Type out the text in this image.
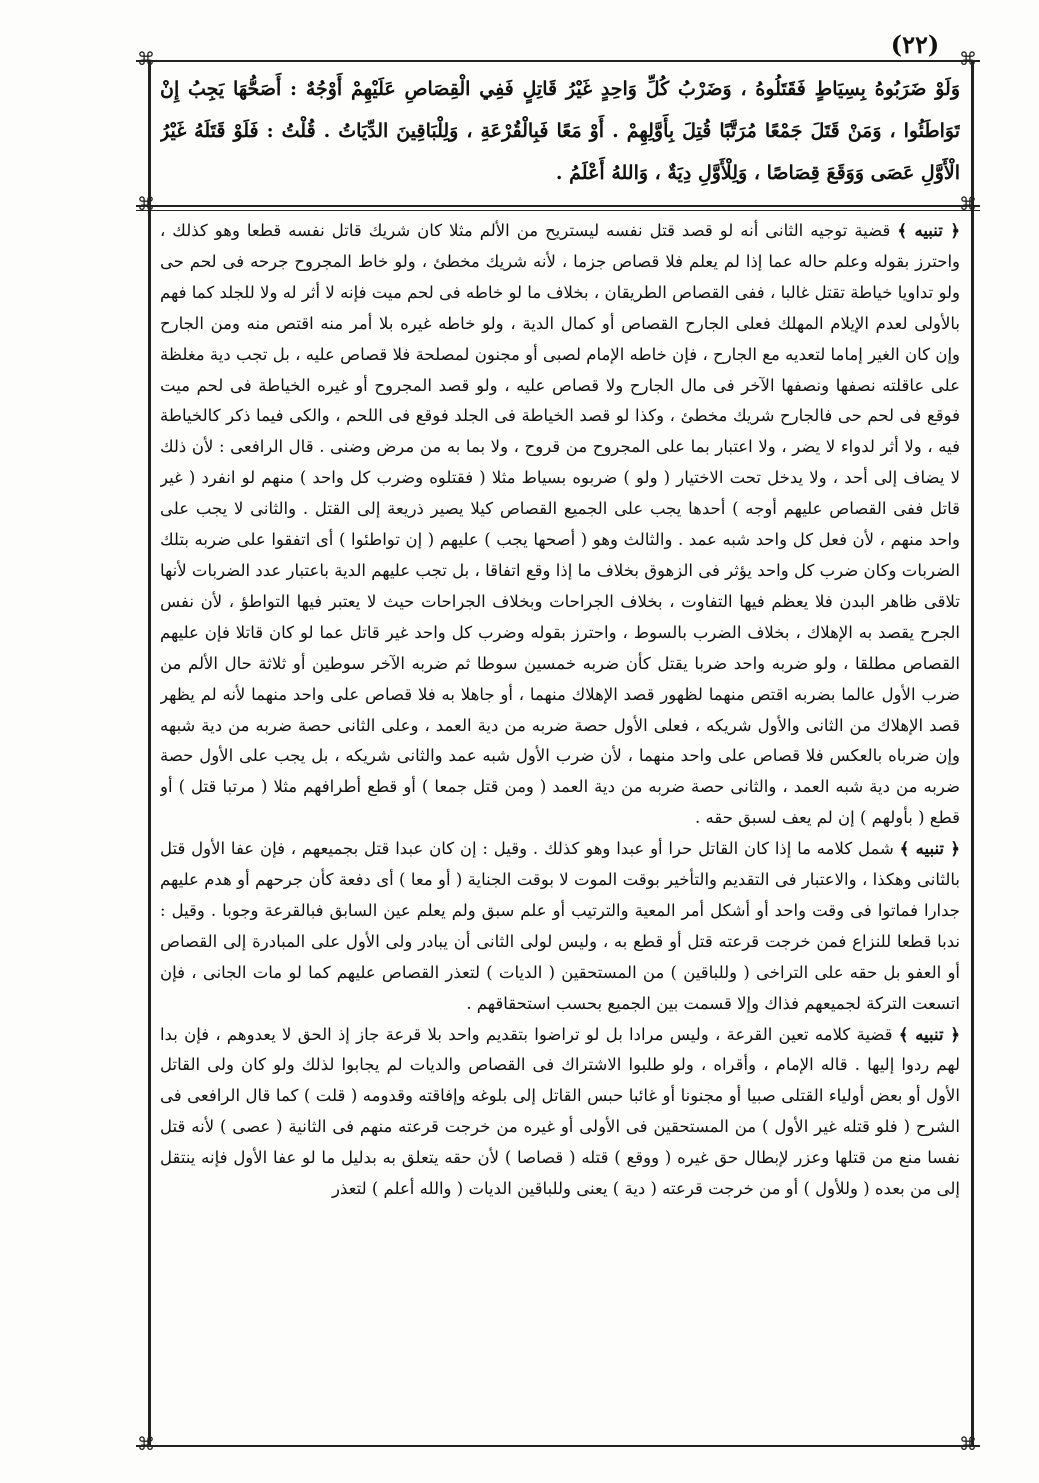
(٢٢)
⌘	⌘
⌘	⌘
⌘	⌘
وَلَوْ ضَرَبُوهُ بِسِيَاطٍ فَقَتَلُوهُ ، وَضَرْبُ كُلِّ وَاحِدٍ غَيْرُ قَاتِلٍ فَفِي الْقِصَاصِ عَلَيْهِمْ أَوْجُهٌ : أَصَحُّهَا يَجِبُ إِنْ تَوَاطَئُوا ، وَمَنْ قَتَلَ جَمْعًا مُرَتَّبًا قُتِلَ بِأَوَّلِهِمْ . أَوْ مَعًا فَبِالْقُرْعَةِ ، وَلِلْبَاقِينَ الدِّيَاتُ . قُلْتُ : فَلَوْ قَتَلَهُ غَيْرُ الْأَوَّلِ عَصَى وَوَقَعَ قِصَاصًا ، وَلِلْأَوَّلِ دِيَةٌ ، وَاللهُ أَعْلَمُ .

﴿ تنبيه ﴾ قضية توجيه الثانى أنه لو قصد قتل نفسه ليستريح من الألم مثلا كان شريك قاتل نفسه قطعا وهو كذلك ، واحترز بقوله وعلم حاله عما إذا لم يعلم فلا قصاص جزما ، لأنه شريك مخطئ ، ولو خاط المجروح جرحه فى لحم حى ولو تداويا خياطة تقتل غالبا ، ففى القصاص الطريقان ، بخلاف ما لو خاطه فى لحم ميت فإنه لا أثر له ولا للجلد كما فهم بالأولى لعدم الإيلام المهلك فعلى الجارح القصاص أو كمال الدية ، ولو خاطه غيره بلا أمر منه اقتص منه ومن الجارح وإن كان الغير إماما لتعديه مع الجارح ، فإن خاطه الإمام لصبى أو مجنون لمصلحة فلا قصاص عليه ، بل تجب دية مغلظة على عاقلته نصفها ونصفها الآخر فى مال الجارح ولا قصاص عليه ، ولو قصد المجروح أو غيره الخياطة فى لحم ميت فوقع فى لحم حى فالجارح شريك مخطئ ، وكذا لو قصد الخياطة فى الجلد فوقع فى اللحم ، والكى فيما ذكر كالخياطة فيه ، ولا أثر لدواء لا يضر ، ولا اعتبار بما على المجروح من قروح ، ولا بما به من مرض وضنى . قال الرافعى : لأن ذلك لا يضاف إلى أحد ، ولا يدخل تحت الاختيار ( ولو ) ضربوه بسياط مثلا ( فقتلوه وضرب كل واحد ) منهم لو انفرد ( غير قاتل ففى القصاص عليهم أوجه ) أحدها يجب على الجميع القصاص كيلا يصير ذريعة إلى القتل . والثانى لا يجب على واحد منهم ، لأن فعل كل واحد شبه عمد . والثالث وهو ( أصحها يجب ) عليهم ( إن تواطئوا ) أى اتفقوا على ضربه بتلك الضربات وكان ضرب كل واحد يؤثر فى الزهوق بخلاف ما إذا وقع اتفاقا ، بل تجب عليهم الدية باعتبار عدد الضربات لأنها تلاقى ظاهر البدن فلا يعظم فيها التفاوت ، بخلاف الجراحات وبخلاف الجراحات حيث لا يعتبر فيها التواطؤ ، لأن نفس الجرح يقصد به الإهلاك ، بخلاف الضرب بالسوط ، واحترز بقوله وضرب كل واحد غير قاتل عما لو كان قاتلا فإن عليهم القصاص مطلقا ، ولو ضربه واحد ضربا يقتل كأن ضربه خمسين سوطا ثم ضربه الآخر سوطين أو ثلاثة حال الألم من ضرب الأول عالما بضربه اقتص منهما لظهور قصد الإهلاك منهما ، أو جاهلا به فلا قصاص على واحد منهما لأنه لم يظهر قصد الإهلاك من الثانى والأول شريكه ، فعلى الأول حصة ضربه من دية العمد ، وعلى الثانى حصة ضربه من دية شبهه وإن ضرباه بالعكس فلا قصاص على واحد منهما ، لأن ضرب الأول شبه عمد والثانى شريكه ، بل يجب على الأول حصة ضربه من دية شبه العمد ، والثانى حصة ضربه من دية العمد ( ومن قتل جمعا ) أو قطع أطرافهم مثلا ( مرتبا قتل ) أو قطع ( بأولهم ) إن لم يعف لسبق حقه .

﴿ تنبيه ﴾ شمل كلامه ما إذا كان القاتل حرا أو عبدا وهو كذلك . وقيل : إن كان عبدا قتل بجميعهم ، فإن عفا الأول قتل بالثانى وهكذا ، والاعتبار فى التقديم والتأخير بوقت الموت لا بوقت الجناية ( أو معا ) أى دفعة كأن جرحهم أو هدم عليهم جدارا فماتوا فى وقت واحد أو أشكل أمر المعية والترتيب أو علم سبق ولم يعلم عين السابق فبالقرعة وجوبا . وقيل : ندبا قطعا للنزاع فمن خرجت قرعته قتل أو قطع به ، وليس لولى الثانى أن يبادر ولى الأول على المبادرة إلى القصاص أو العفو بل حقه على التراخى ( وللباقين ) من المستحقين ( الديات ) لتعذر القصاص عليهم كما لو مات الجانى ، فإن اتسعت التركة لجميعهم فذاك وإلا قسمت بين الجميع بحسب استحقاقهم .

﴿ تنبيه ﴾ قضية كلامه تعين القرعة ، وليس مرادا بل لو تراضوا بتقديم واحد بلا قرعة جاز إذ الحق لا يعدوهم ، فإن بدا لهم ردوا إليها . قاله الإمام ، وأقراه ، ولو طلبوا الاشتراك فى القصاص والديات لم يجابوا لذلك ولو كان ولى القاتل الأول أو بعض أولياء القتلى صبيا أو مجنونا أو غائبا حبس القاتل إلى بلوغه وإفاقته وقدومه ( قلت ) كما قال الرافعى فى الشرح ( فلو قتله غير الأول ) من المستحقين فى الأولى أو غيره من خرجت قرعته منهم فى الثانية ( عصى ) لأنه قتل نفسا منع من قتلها وعزر لإبطال حق غيره ( ووقع ) قتله ( قصاصا ) لأن حقه يتعلق به بدليل ما لو عفا الأول فإنه ينتقل إلى من بعده ( وللأول ) أو من خرجت قرعته ( دية ) يعنى وللباقين الديات ( والله أعلم ) لتعذر
